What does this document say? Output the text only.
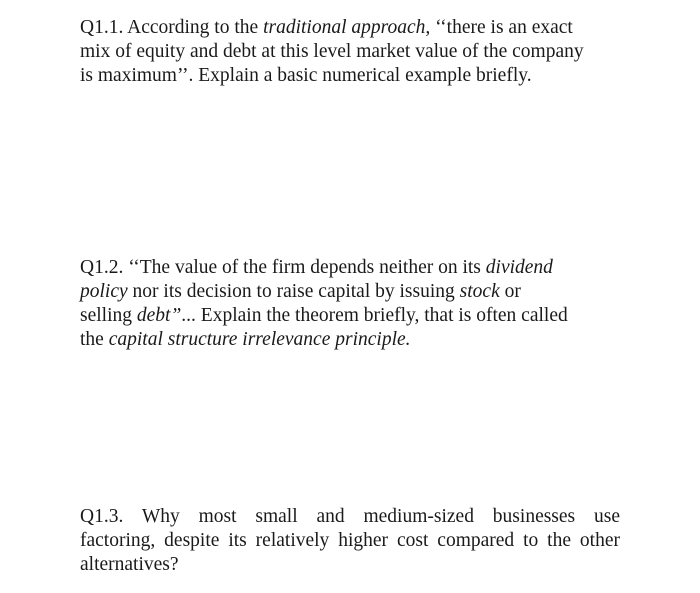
Q1.1. According to the traditional approach, ‘‘there is an exact
mix of equity and debt at this level market value of the company
is maximum’’. Explain a basic numerical example briefly.

Q1.2. ‘‘The value of the firm depends neither on its dividend
policy nor its decision to raise capital by issuing stock or
selling debt”... Explain the theorem briefly, that is often called
the capital structure irrelevance principle.

Q1.3. Why most small and medium-sized businesses use
factoring, despite its relatively higher cost compared to the other
alternatives?
